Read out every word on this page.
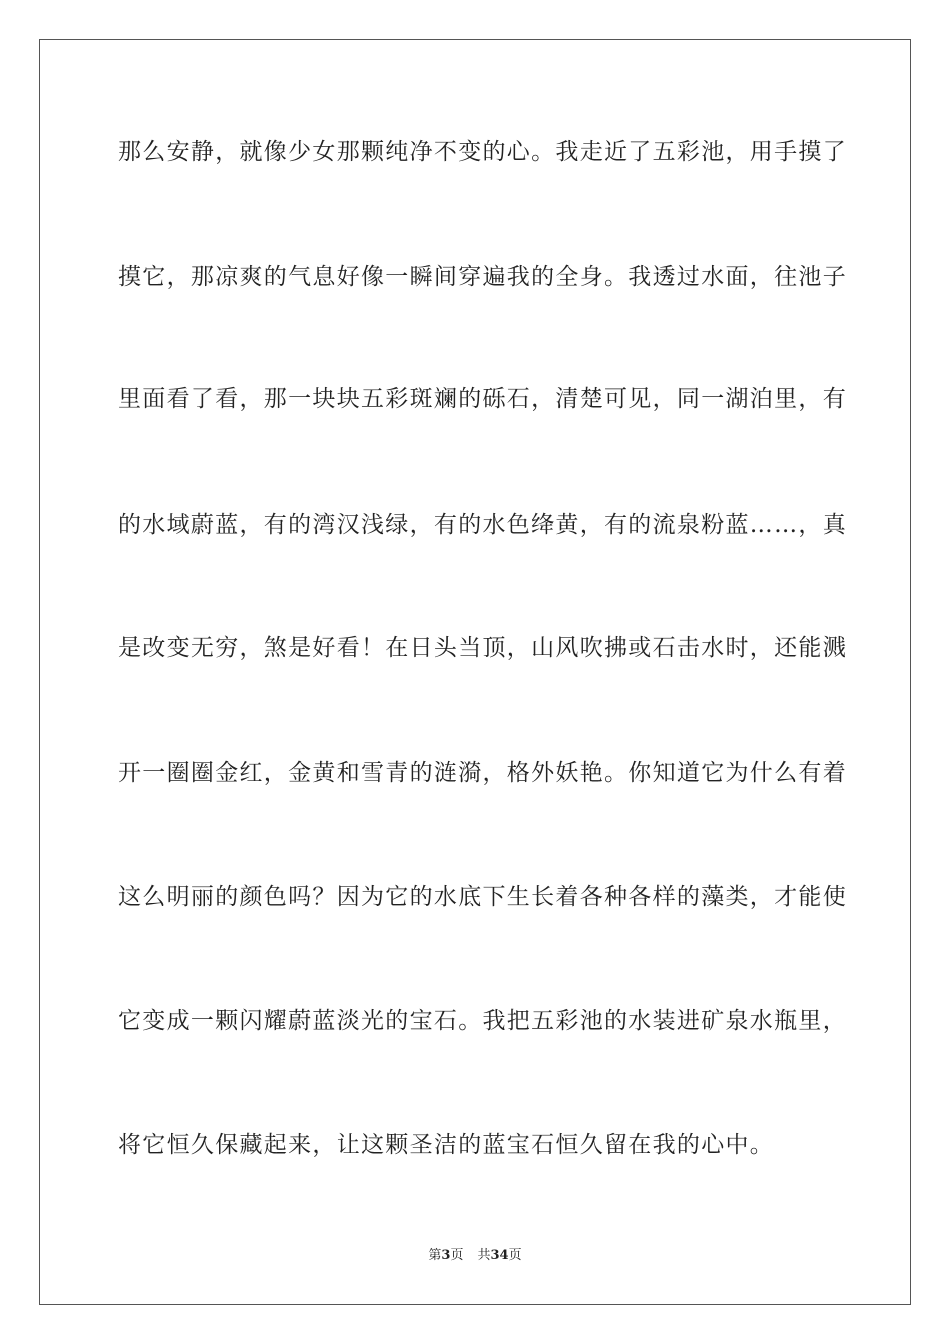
那么安静，就像少女那颗纯净不变的心。我走近了五彩池，用手摸了
摸它，那凉爽的气息好像一瞬间穿遍我的全身。我透过水面，往池子
里面看了看，那一块块五彩斑斓的砾石，清楚可见，同一湖泊里，有
的水域蔚蓝，有的湾汉浅绿，有的水色绛黄，有的流泉粉蓝……，真
是改变无穷，煞是好看！在日头当顶，山风吹拂或石击水时，还能溅
开一圈圈金红，金黄和雪青的涟漪，格外妖艳。你知道它为什么有着
这么明丽的颜色吗？因为它的水底下生长着各种各样的藻类，才能使
它变成一颗闪耀蔚蓝淡光的宝石。我把五彩池的水装进矿泉水瓶里，
将它恒久保藏起来，让这颗圣洁的蓝宝石恒久留在我的心中。
第3页 共34页
